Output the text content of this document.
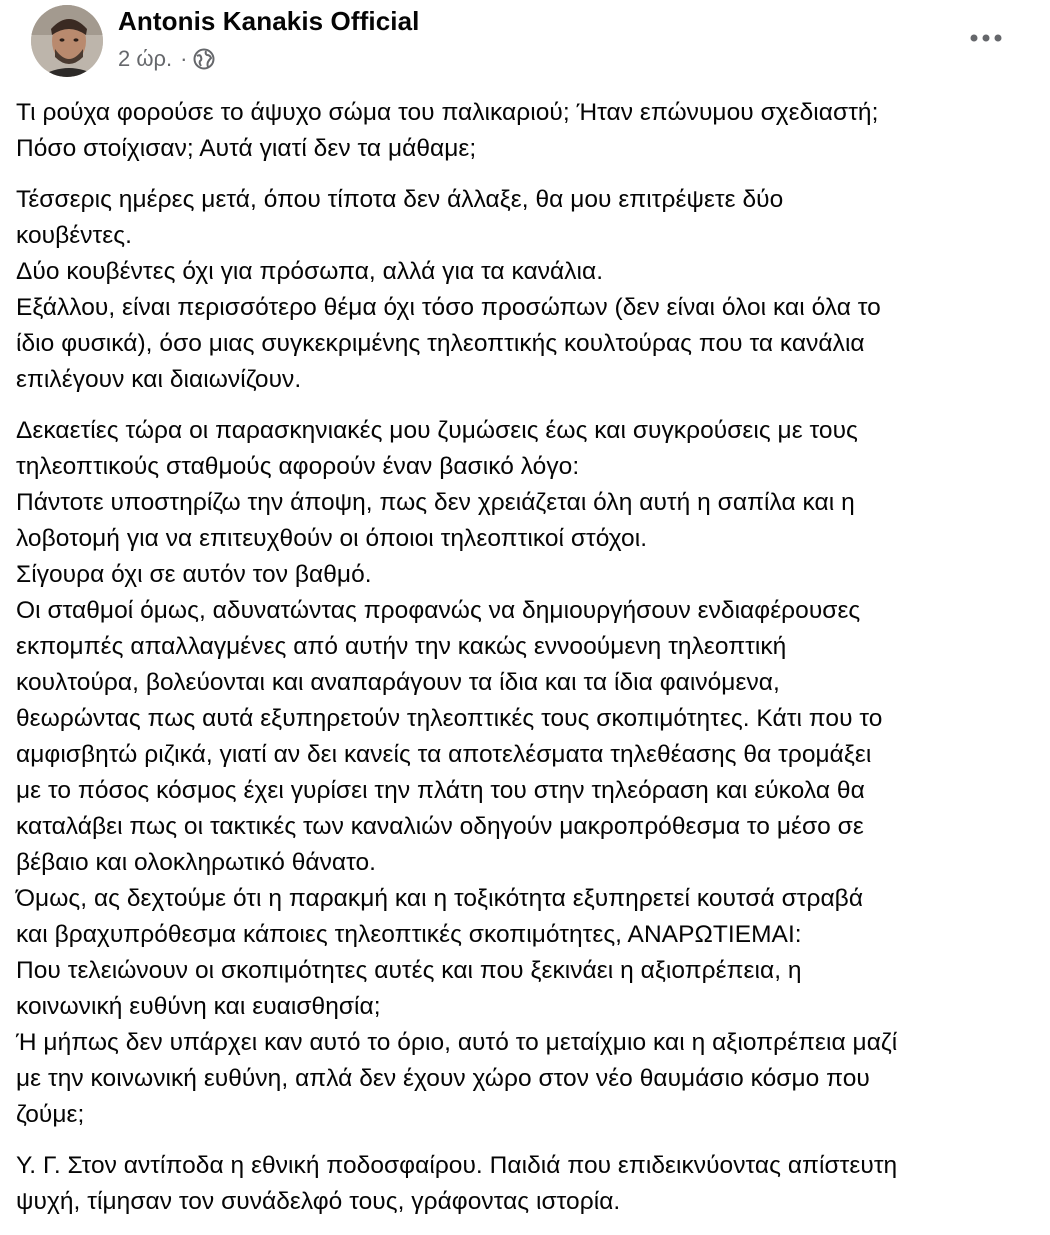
Antonis Kanakis Official
2 ώρ. ·
Τι ρούχα φορούσε το άψυχο σώμα του παλικαριού; Ήταν επώνυμου σχεδιαστή;
Πόσο στοίχισαν; Αυτά γιατί δεν τα μάθαμε;
Τέσσερις ημέρες μετά, όπου τίποτα δεν άλλαξε, θα μου επιτρέψετε δύο
κουβέντες.
Δύο κουβέντες όχι για πρόσωπα, αλλά για τα κανάλια.
Εξάλλου, είναι περισσότερο θέμα όχι τόσο προσώπων (δεν είναι όλοι και όλα το
ίδιο φυσικά), όσο μιας συγκεκριμένης τηλεοπτικής κουλτούρας που τα κανάλια
επιλέγουν και διαιωνίζουν.
Δεκαετίες τώρα οι παρασκηνιακές μου ζυμώσεις έως και συγκρούσεις με τους
τηλεοπτικούς σταθμούς αφορούν έναν βασικό λόγο:
Πάντοτε υποστηρίζω την άποψη, πως δεν χρειάζεται όλη αυτή η σαπίλα και η
λοβοτομή για να επιτευχθούν οι όποιοι τηλεοπτικοί στόχοι.
Σίγουρα όχι σε αυτόν τον βαθμό.
Οι σταθμοί όμως, αδυνατώντας προφανώς να δημιουργήσουν ενδιαφέρουσες
εκπομπές απαλλαγμένες από αυτήν την κακώς εννοούμενη τηλεοπτική
κουλτούρα, βολεύονται και αναπαράγουν τα ίδια και τα ίδια φαινόμενα,
θεωρώντας πως αυτά εξυπηρετούν τηλεοπτικές τους σκοπιμότητες. Κάτι που το
αμφισβητώ ριζικά, γιατί αν δει κανείς τα αποτελέσματα τηλεθέασης θα τρομάξει
με το πόσος κόσμος έχει γυρίσει την πλάτη του στην τηλεόραση και εύκολα θα
καταλάβει πως οι τακτικές των καναλιών οδηγούν μακροπρόθεσμα το μέσο σε
βέβαιο και ολοκληρωτικό θάνατο.
Όμως, ας δεχτούμε ότι η παρακμή και η τοξικότητα εξυπηρετεί κουτσά στραβά
και βραχυπρόθεσμα κάποιες τηλεοπτικές σκοπιμότητες, ΑΝΑΡΩΤΙΕΜΑΙ:
Που τελειώνουν οι σκοπιμότητες αυτές και που ξεκινάει η αξιοπρέπεια, η
κοινωνική ευθύνη και ευαισθησία;
Ή μήπως δεν υπάρχει καν αυτό το όριο, αυτό το μεταίχμιο και η αξιοπρέπεια μαζί
με την κοινωνική ευθύνη, απλά δεν έχουν χώρο στον νέο θαυμάσιο κόσμο που
ζούμε;
Υ. Γ. Στον αντίποδα η εθνική ποδοσφαίρου. Παιδιά που επιδεικνύοντας απίστευτη
ψυχή, τίμησαν τον συνάδελφό τους, γράφοντας ιστορία.
